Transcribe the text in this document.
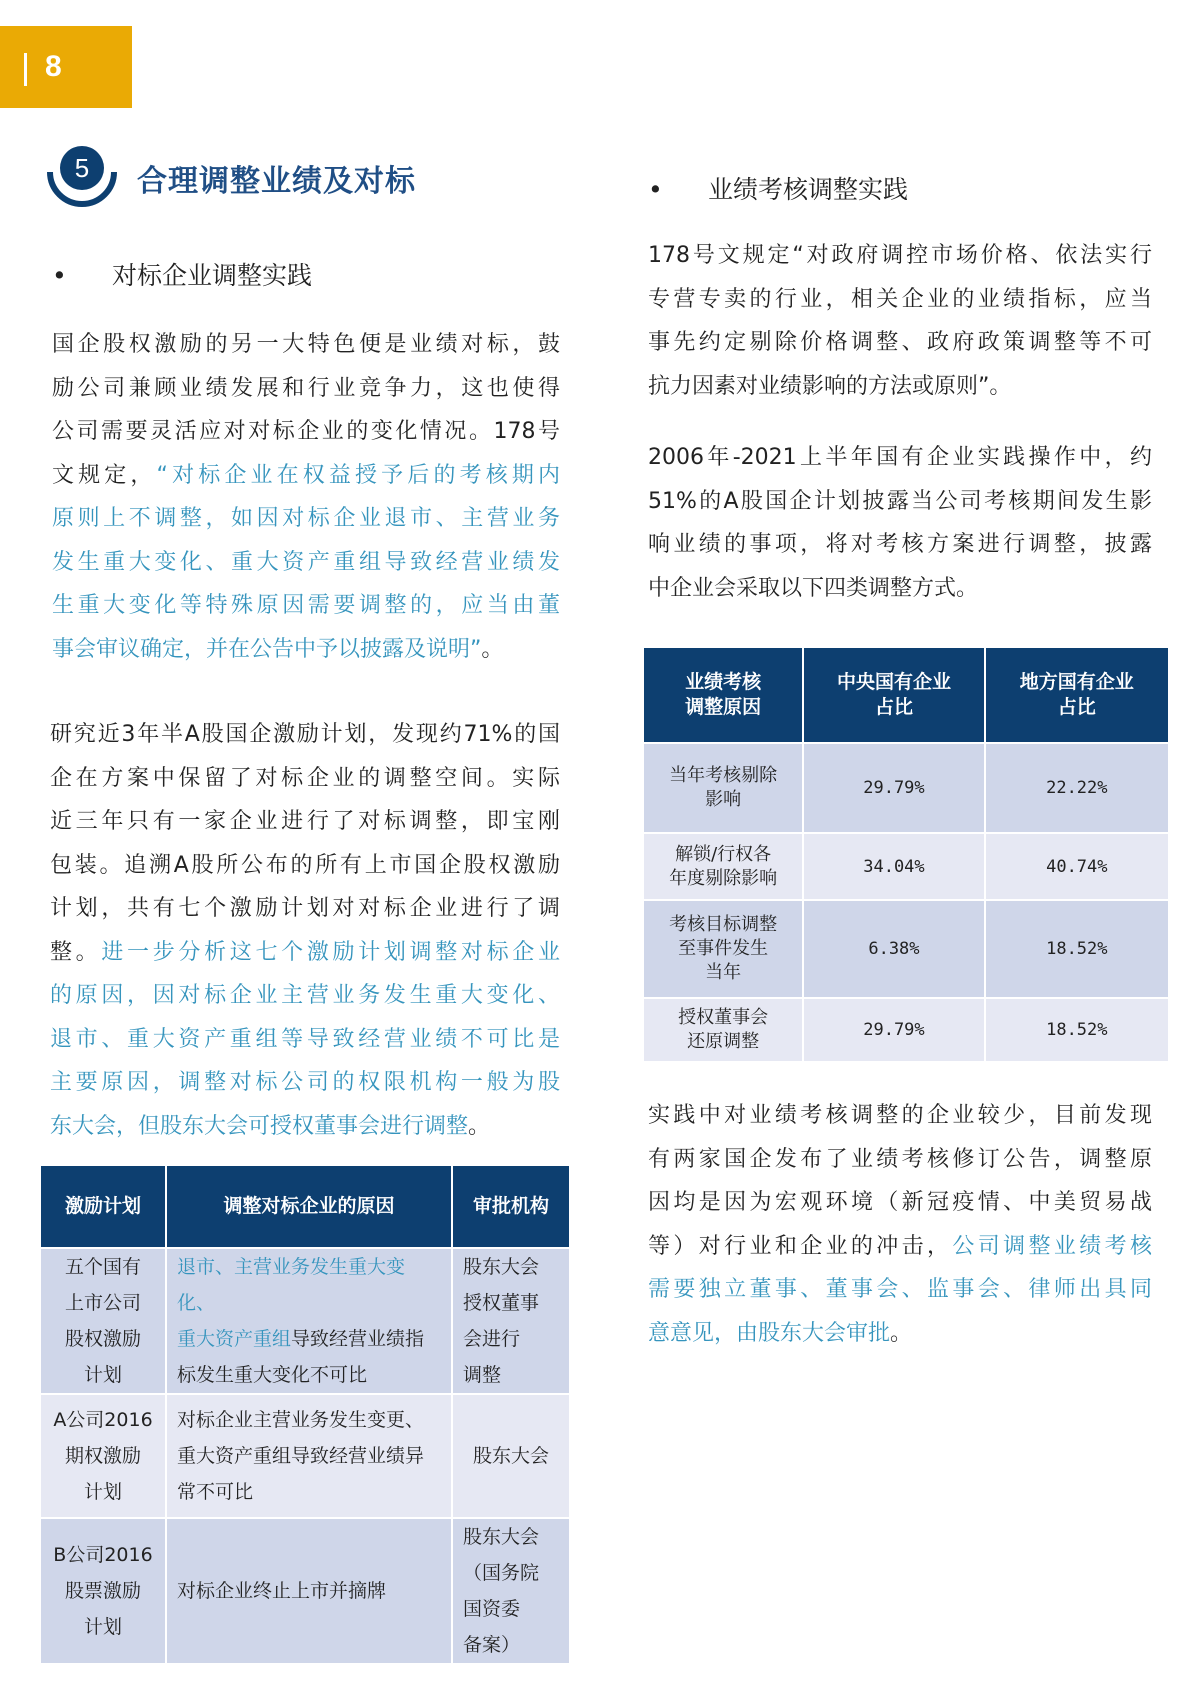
8
5 合理调整业绩及对标
• 对标企业调整实践
国企股权激励的另一大特色便是业绩对标，鼓
励公司兼顾业绩发展和行业竞争力，这也使得
公司需要灵活应对对标企业的变化情况。178号
文规定，“对标企业在权益授予后的考核期内
原则上不调整，如因对标企业退市、主营业务
发生重大变化、重大资产重组导致经营业绩发
生重大变化等特殊原因需要调整的，应当由董
事会审议确定，并在公告中予以披露及说明”。
研究近3年半A股国企激励计划，发现约71%的国
企在方案中保留了对标企业的调整空间。实际
近三年只有一家企业进行了对标调整，即宝刚
包装。追溯A股所公布的所有上市国企股权激励
计划，共有七个激励计划对对标企业进行了调
整。进一步分析这七个激励计划调整对标企业
的原因，因对标企业主营业务发生重大变化、
退市、重大资产重组等导致经营业绩不可比是
主要原因，调整对标公司的权限机构一般为股
东大会，但股东大会可授权董事会进行调整。
激励计划	调整对标企业的原因	审批机构
五个国有
上市公司
股权激励
计划	退市、主营业务发生重大变化、
重大资产重组导致经营业绩指
标发生重大变化不可比	股东大会
授权董事
会进行
调整
A公司2016
期权激励
计划	对标企业主营业务发生变更、
重大资产重组导致经营业绩异
常不可比	股东大会
B公司2016
股票激励
计划	对标企业终止上市并摘牌	股东大会
（国务院
国资委
备案）
• 业绩考核调整实践
178号文规定“对政府调控市场价格、依法实行
专营专卖的行业，相关企业的业绩指标，应当
事先约定剔除价格调整、政府政策调整等不可
抗力因素对业绩影响的方法或原则”。
2006年-2021上半年国有企业实践操作中，约
51%的A股国企计划披露当公司考核期间发生影
响业绩的事项，将对考核方案进行调整，披露
中企业会采取以下四类调整方式。
业绩考核
调整原因	中央国有企业
占比	地方国有企业
占比
当年考核剔除
影响	29.79%	22.22%
解锁/行权各
年度剔除影响	34.04%	40.74%
考核目标调整
至事件发生
当年	6.38%	18.52%
授权董事会
还原调整	29.79%	18.52%
实践中对业绩考核调整的企业较少，目前发现
有两家国企发布了业绩考核修订公告，调整原
因均是因为宏观环境（新冠疫情、中美贸易战
等）对行业和企业的冲击，公司调整业绩考核
需要独立董事、董事会、监事会、律师出具同
意意见，由股东大会审批。
